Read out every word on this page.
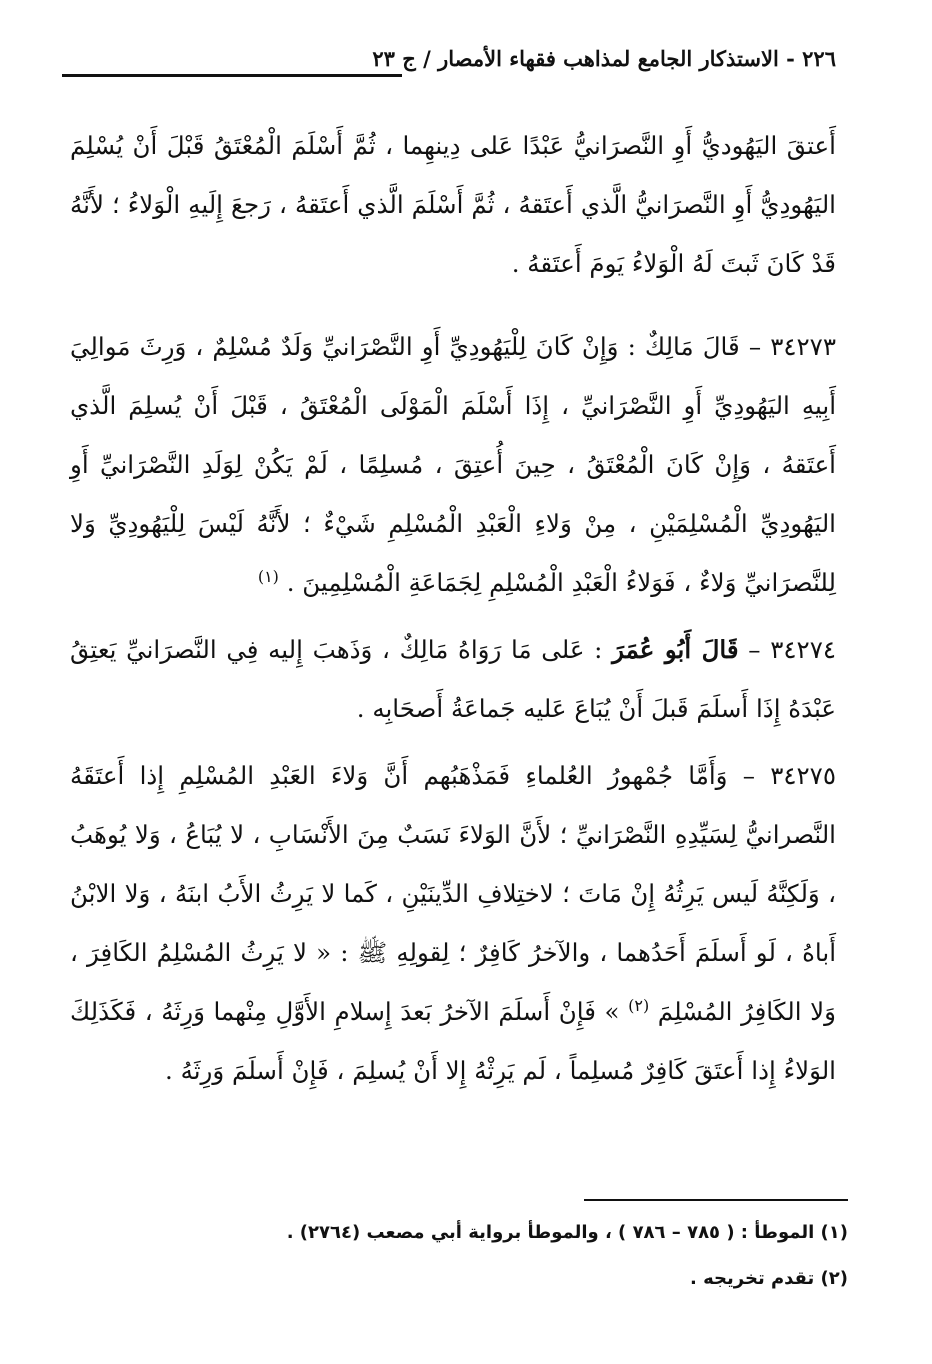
٢٢٦ - الاستذكار الجامع لمذاهب فقهاء الأمصار / ج ٢٣

أَعتقَ اليَهُوديُّ أَوِ النَّصرَانيُّ عَبْدًا عَلى دِينهِما ، ثُمَّ أَسْلَمَ الْمُعْتَقُ قَبْلَ أَنْ يُسْلِمَ اليَهُودِيُّ أَوِ النَّصرَانيُّ الَّذي أَعتَقهُ ، ثُمَّ أَسْلَمَ الَّذي أَعتَقهُ ، رَجعَ إِلَيهِ الْوَلاءُ ؛ لأَنَّهُ قَدْ كَانَ ثَبتَ لَهُ الْوَلاءُ يَومَ أَعتَقهُ .

٣٤٢٧٣ – قَالَ مَالِكٌ : وَإِنْ كَانَ لِلْيَهُودِيِّ أَوِ النَّصْرَانيِّ وَلَدٌ مُسْلِمٌ ، وَرِثَ مَوالِيَ أَبِيهِ اليَهُودِيِّ أَوِ النَّصْرَانيِّ ، إِذَا أَسْلَمَ الْمَوْلَى الْمُعْتَقُ ، قَبْلَ أَنْ يُسلِمَ الَّذي أَعتَقهُ ، وَإِنْ كَانَ الْمُعْتَقُ ، حِينَ أُعتِقَ ، مُسلِمًا ، لَمْ يَكُنْ لِوَلَدِ النَّصْرَانيِّ أَوِ اليَهُودِيِّ الْمُسْلِمَيْنِ ، مِنْ وَلاءِ الْعَبْدِ الْمُسْلِمِ شَيْءٌ ؛ لأَنَّهُ لَيْسَ لِلْيَهُودِيِّ وَلا لِلنَّصرَانيِّ وَلاءٌ ، فَوَلاءُ الْعَبْدِ الْمُسْلِمِ لِجَمَاعَةِ الْمُسْلِمِينَ . $^{(١)}$

٣٤٢٧٤ – قَالَ أَبُو عُمَرَ : عَلى مَا رَوَاهُ مَالِكٌ ، وَذَهبَ إِليه فِي النَّصرَانيِّ يَعتِقُ عَبْدَهُ إِذَا أَسلَمَ قَبلَ أَنْ يُبَاعَ عَليه جَماعَةُ أَصحَابِه .

٣٤٢٧٥ – وَأَمَّا جُمْهورُ العُلماءِ فَمَذْهَبُهم أَنَّ وَلاءَ العَبْدِ المُسْلِمِ إِذا أَعتَقَهُ النَّصرانيُّ لِسَيِّدِهِ النَّصْرَانيِّ ؛ لأَنَّ الوَلاءَ نَسَبٌ مِنَ الأَنْسَابِ ، لا يُبَاعُ ، وَلا يُوهَبُ ، وَلَكِنَّهُ لَيس يَرِثُهُ إِنْ مَاتَ ؛ لاختِلافِ الدِّينَيْنِ ، كَما لا يَرِثُ الأَبُ ابنَهُ ، وَلا الابْنُ أَباهُ ، لَو أَسلَمَ أَحَدُهما ، والآخرُ كَافِرٌ ؛ لِقولِهِ ﷺ : « لا يَرِثُ المُسْلِمُ الكَافِرَ ، وَلا الكَافِرُ المُسْلِمَ $^{(٢)}$ » فَإِنْ أَسلَمَ الآخرُ بَعدَ إِسلامِ الأَوَّلِ مِنْهما وَرِثَهُ ، فَكَذَلِكَ الوَلاءُ إِذا أَعتَقَ كَافِرٌ مُسلِماً ، لَم يَرِثْهُ إِلا أَنْ يُسلِمَ ، فَإِنْ أَسلَمَ وَرِثَهُ .

(١) الموطأ : ( ٧٨٥ – ٧٨٦ ) ، والموطأ برواية أبي مصعب (٢٧٦٤) .

(٢) تقدم تخريجه .
